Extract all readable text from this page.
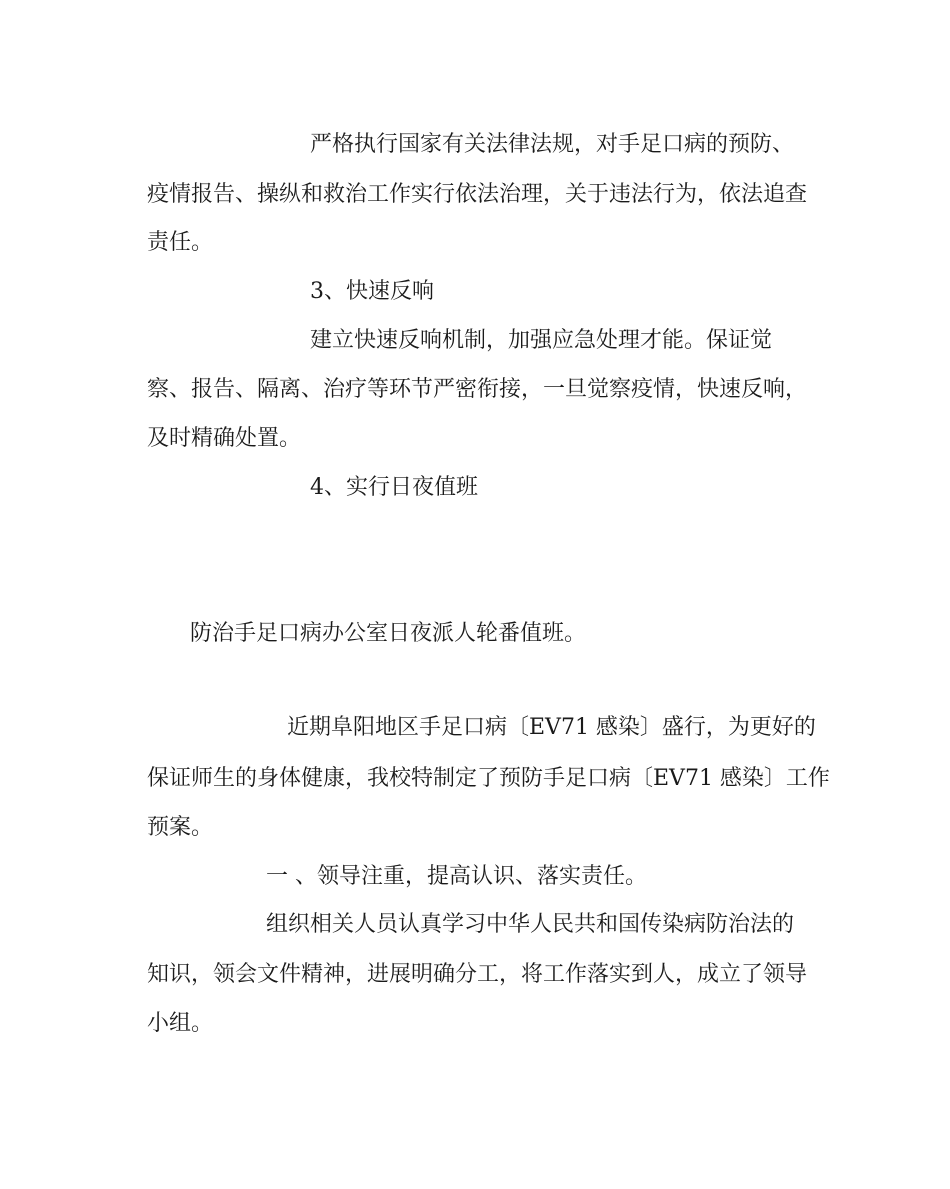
严格执行国家有关法律法规，对手足口病的预防、
疫情报告、操纵和救治工作实行依法治理，关于违法行为，依法追查
责任。
3、快速反响
建立快速反响机制，加强应急处理才能。保证觉
察、报告、隔离、治疗等环节严密衔接，一旦觉察疫情，快速反响，
及时精确处置。
4、实行日夜值班
防治手足口病办公室日夜派人轮番值班。
近期阜阳地区手足口病〔EV71 感染〕盛行，为更好的
保证师生的身体健康，我校特制定了预防手足口病〔EV71 感染〕工作
预案。
一 、领导注重，提高认识、落实责任。
组织相关人员认真学习中华人民共和国传染病防治法的
知识，领会文件精神，进展明确分工，将工作落实到人，成立了领导
小组。
